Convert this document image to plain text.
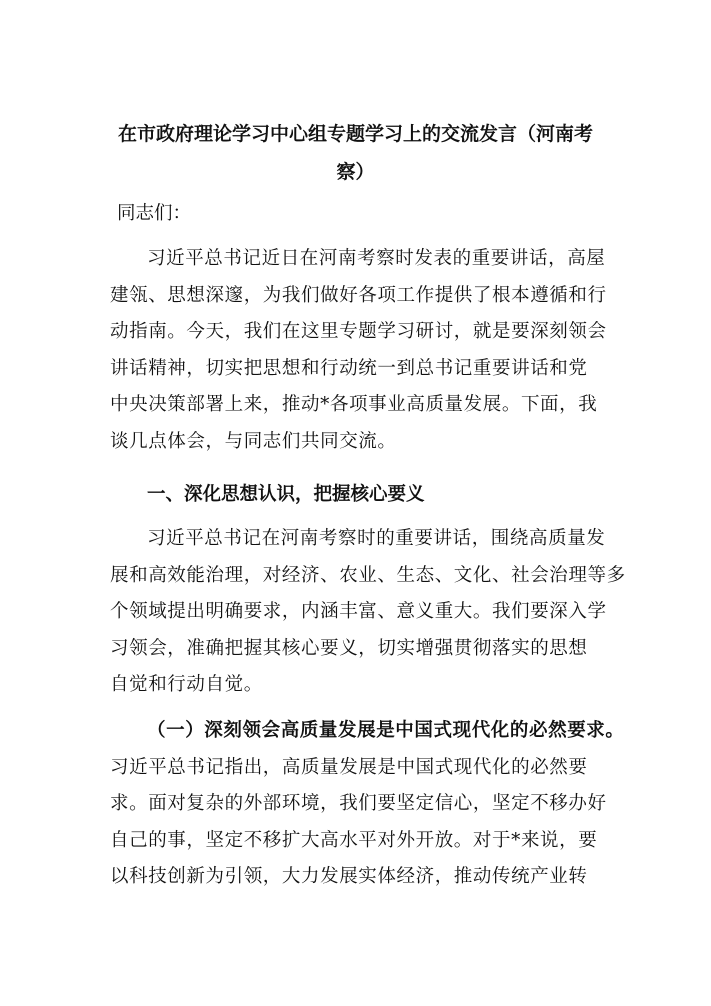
在市政府理论学习中心组专题学习上的交流发言（河南考
察）
同志们：
习近平总书记近日在河南考察时发表的重要讲话，高屋
建瓴、思想深邃，为我们做好各项工作提供了根本遵循和行
动指南。今天，我们在这里专题学习研讨，就是要深刻领会
讲话精神，切实把思想和行动统一到总书记重要讲话和党
中央决策部署上来，推动*各项事业高质量发展。下面，我
谈几点体会，与同志们共同交流。
一、深化思想认识，把握核心要义
习近平总书记在河南考察时的重要讲话，围绕高质量发
展和高效能治理，对经济、农业、生态、文化、社会治理等多
个领域提出明确要求，内涵丰富、意义重大。我们要深入学
习领会，准确把握其核心要义，切实增强贯彻落实的思想
自觉和行动自觉。
（一）深刻领会高质量发展是中国式现代化的必然要求。
习近平总书记指出，高质量发展是中国式现代化的必然要
求。面对复杂的外部环境，我们要坚定信心，坚定不移办好
自己的事，坚定不移扩大高水平对外开放。对于*来说，要
以科技创新为引领，大力发展实体经济，推动传统产业转
